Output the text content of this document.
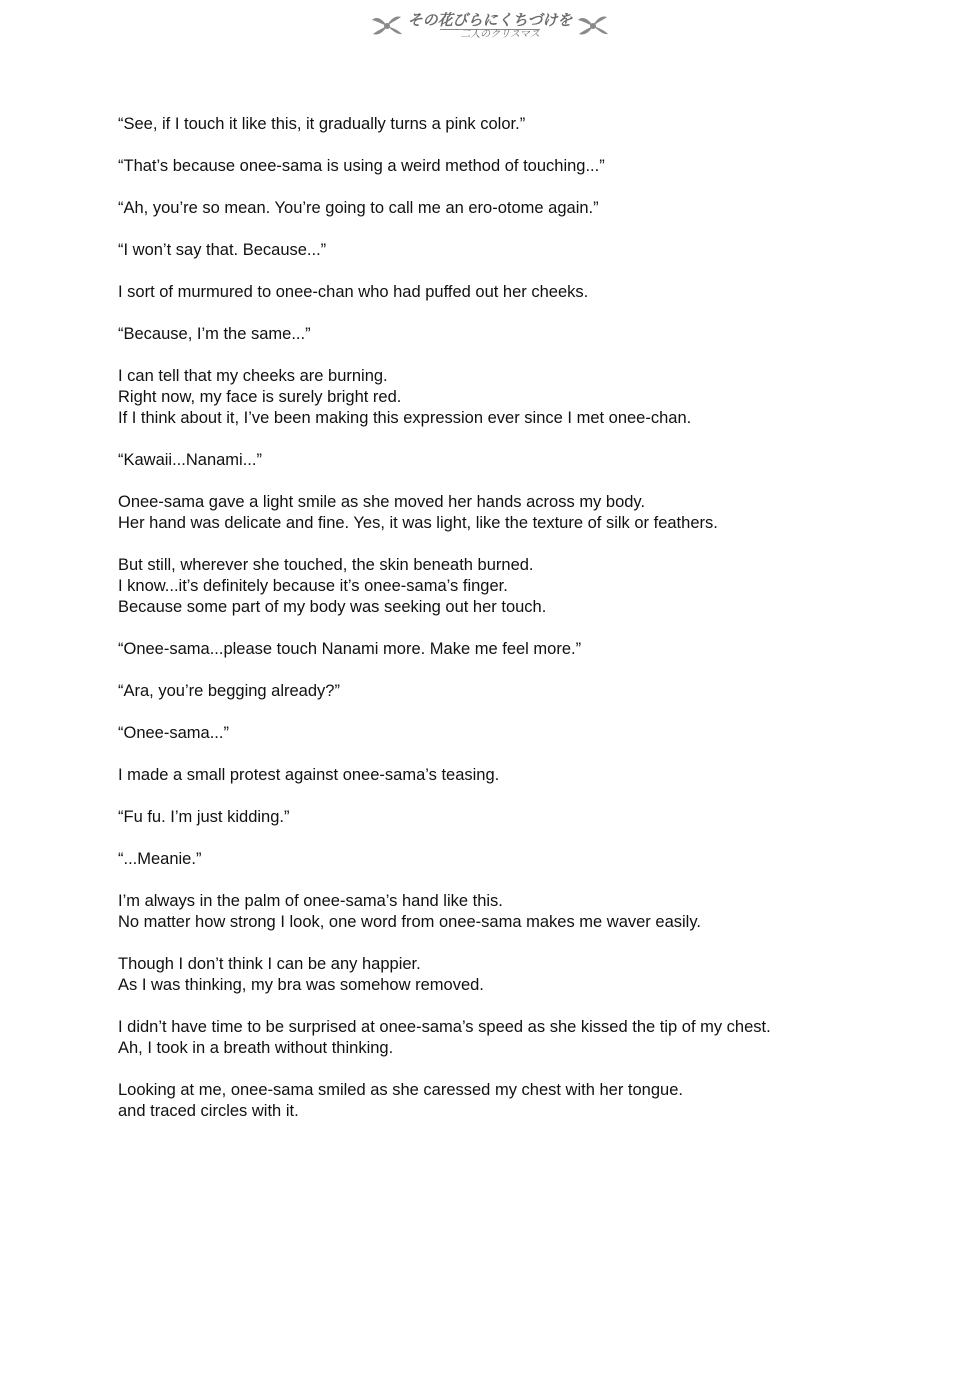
その花びらにくちづけを
二人のクリスマス
“See, if I touch it like this, it gradually turns a pink color.”
“That’s because onee-sama is using a weird method of touching...”
“Ah, you’re so mean. You’re going to call me an ero-otome again.”
“I won’t say that. Because...”
I sort of murmured to onee-chan who had puffed out her cheeks.
“Because, I’m the same...”
I can tell that my cheeks are burning.
Right now, my face is surely bright red.
If I think about it, I’ve been making this expression ever since I met onee-chan.
“Kawaii...Nanami...”
Onee-sama gave a light smile as she moved her hands across my body.
Her hand was delicate and fine. Yes, it was light, like the texture of silk or feathers.
But still, wherever she touched, the skin beneath burned.
I know...it’s definitely because it’s onee-sama’s finger.
Because some part of my body was seeking out her touch.
“Onee-sama...please touch Nanami more. Make me feel more.”
“Ara, you’re begging already?”
“Onee-sama...”
I made a small protest against onee-sama’s teasing.
“Fu fu. I’m just kidding.”
“...Meanie.”
I’m always in the palm of onee-sama’s hand like this.
No matter how strong I look, one word from onee-sama makes me waver easily.
Though I don’t think I can be any happier.
As I was thinking, my bra was somehow removed.
I didn’t have time to be surprised at onee-sama’s speed as she kissed the tip of my chest.
Ah, I took in a breath without thinking.
Looking at me, onee-sama smiled as she caressed my chest with her tongue.
and traced circles with it.
